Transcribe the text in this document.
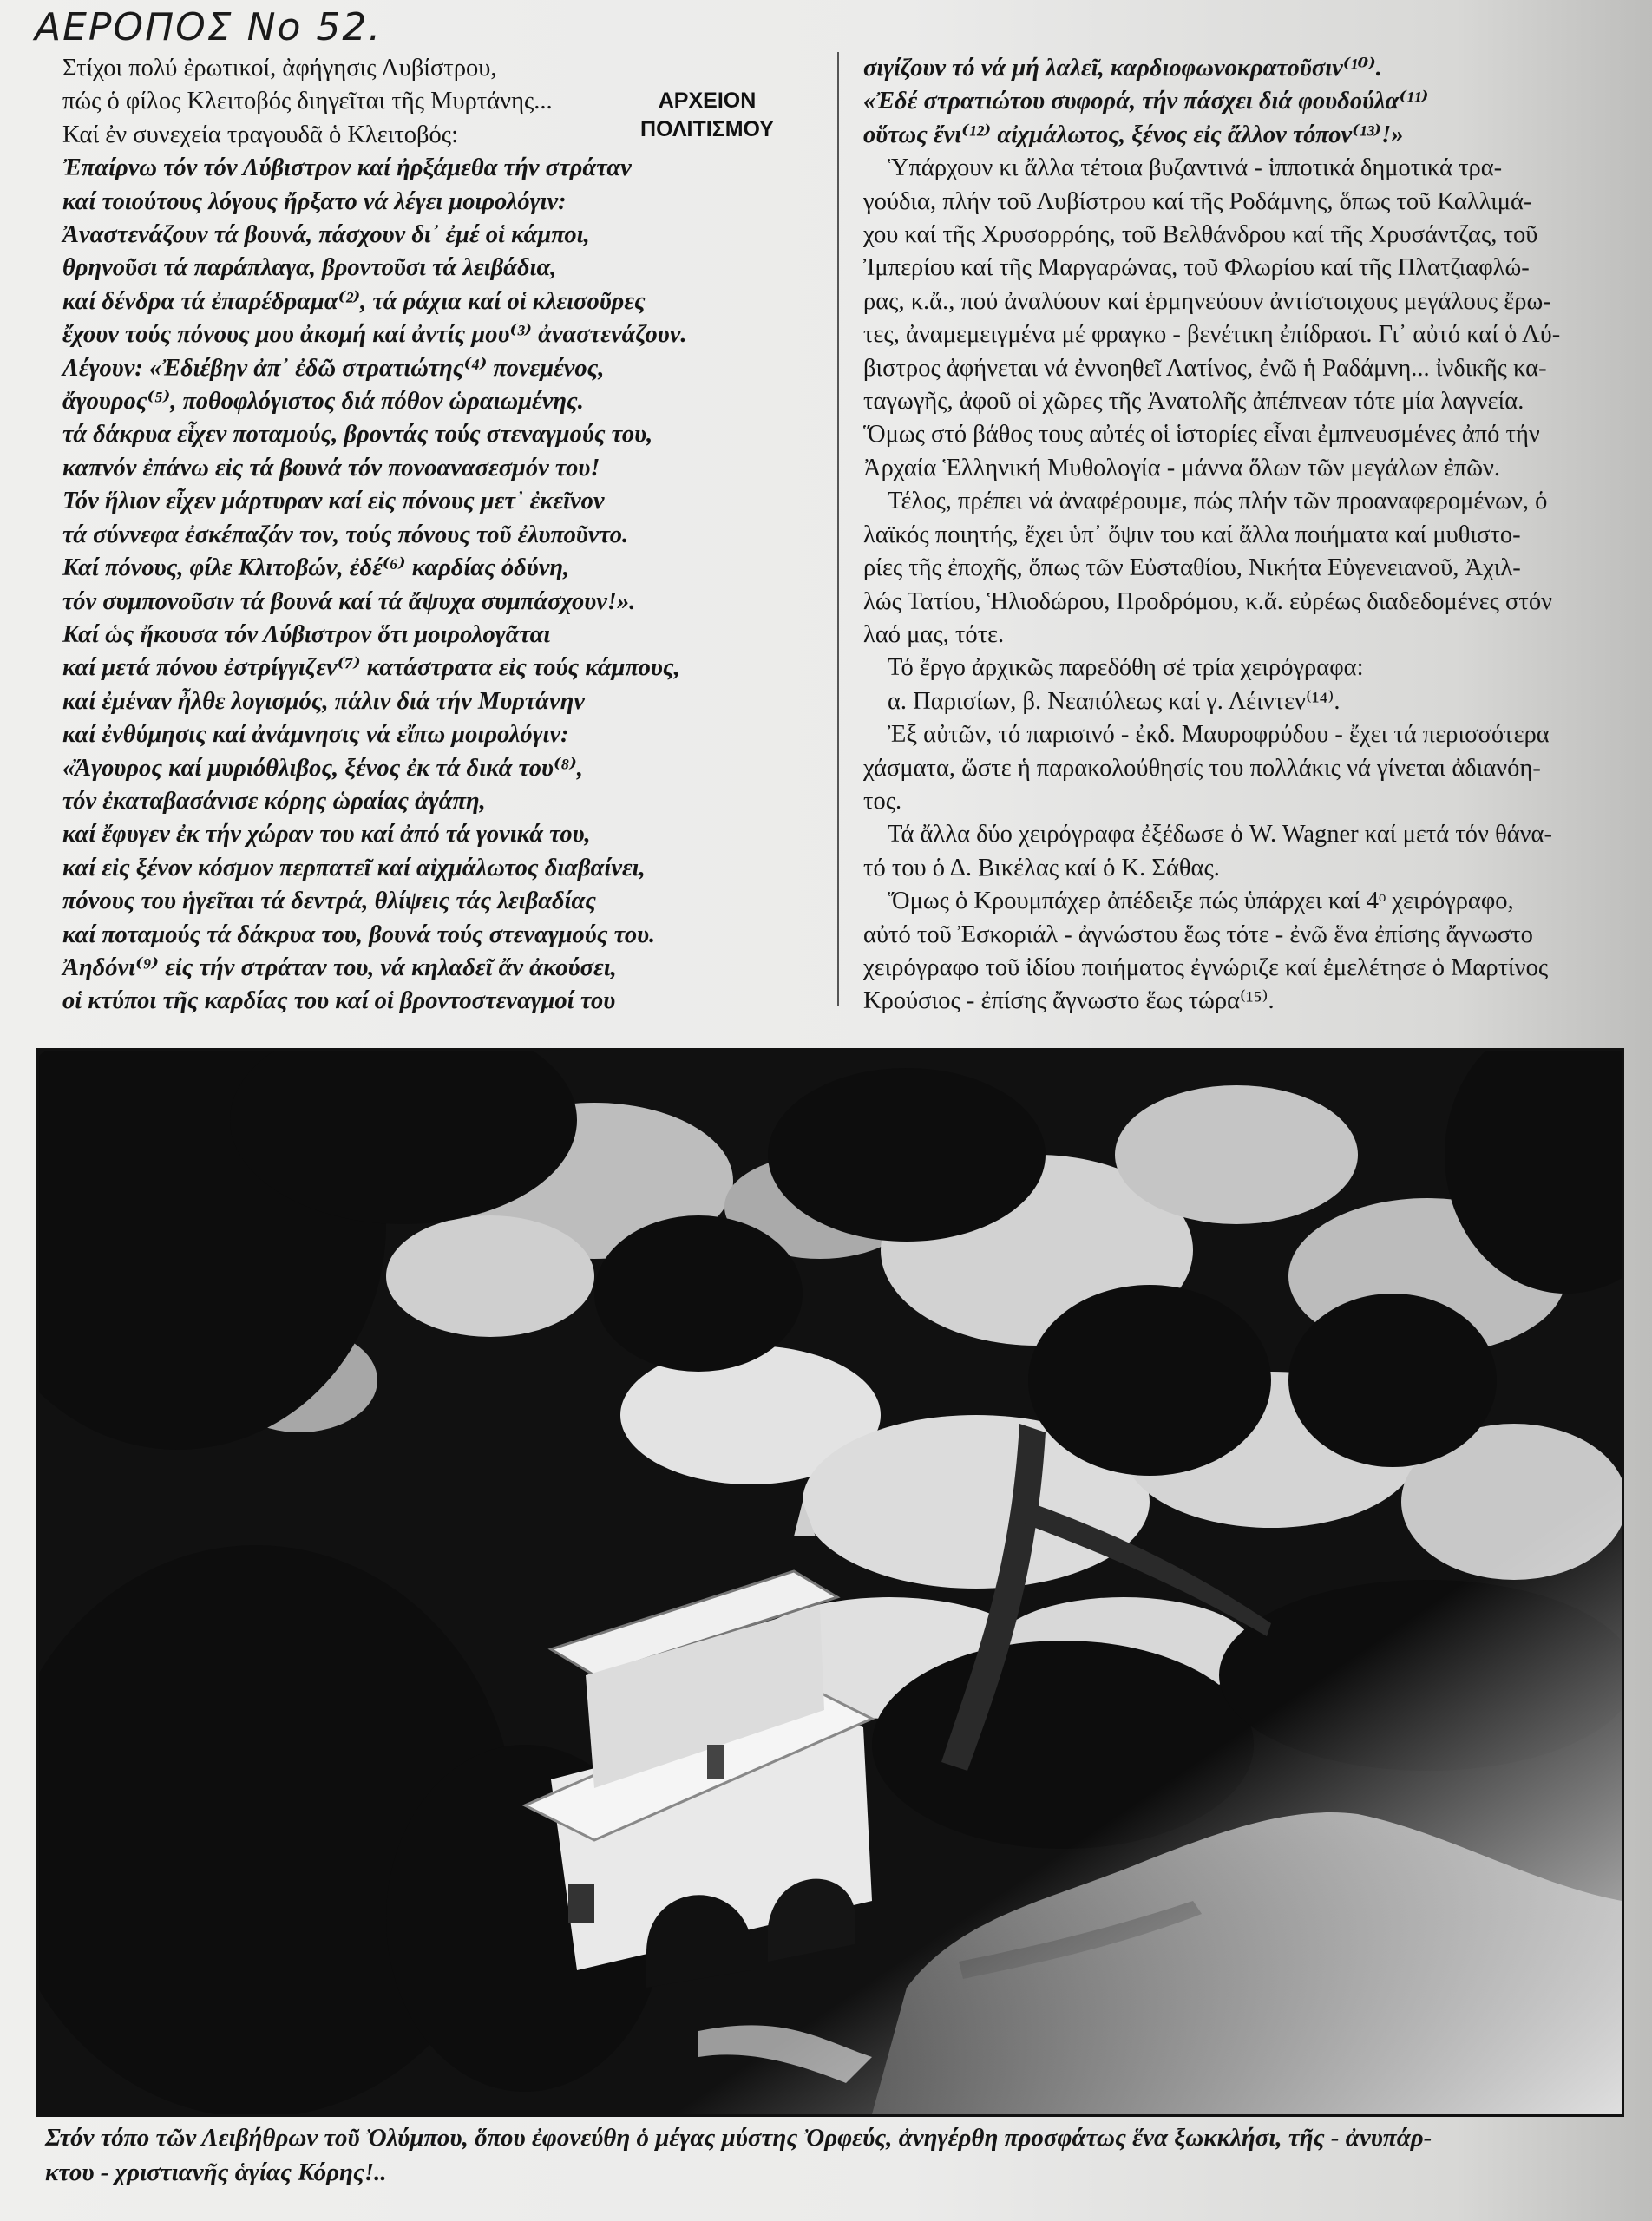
ΑΕΡΟΠΟΣ Νο 52.
ΑΡΧΕΙΟΝ
ΠΟΛΙΤΙΣΜΟΥ
Στίχοι πολύ ἐρωτικοί, ἀφήγησις Λυβίστρου,
πώς ὁ φίλος Κλειτοβός διηγεῖται τῆς Μυρτάνης...
Καί ἐν συνεχεία τραγουδᾶ ὁ Κλειτοβός:
Ἐπαίρνω τόν τόν Λύβιστρον καί ἠρξάμεθα τήν στράταν
καί τοιούτους λόγους ἤρξατο νά λέγει μοιρολόγιν:
Ἀναστενάζουν τά βουνά, πάσχουν δι᾽ ἐμέ οἱ κάμποι,
θρηνοῦσι τά παράπλαγα, βροντοῦσι τά λειβάδια,
καί δένδρα τά ἐπαρέδραμα⁽²⁾, τά ράχια καί οἱ κλεισοῦρες
ἔχουν τούς πόνους μου ἀκομή καί ἀντίς μου⁽³⁾ ἀναστενάζουν.
Λέγουν: «Ἐδιέβην ἀπ᾽ ἐδῶ στρατιώτης⁽⁴⁾ πονεμένος,
ἄγουρος⁽⁵⁾, ποθοφλόγιστος διά πόθον ὡραιωμένης.
τά δάκρυα εἶχεν ποταμούς, βροντάς τούς στεναγμούς του,
καπνόν ἐπάνω εἰς τά βουνά τόν πονοανασεσμόν του!
Τόν ἥλιον εἶχεν μάρτυραν καί εἰς πόνους μετ᾽ ἐκεῖνον
τά σύννεφα ἐσκέπαζάν τον, τούς πόνους τοῦ ἐλυποῦντο.
Καί πόνους, φίλε Κλιτοβών, ἐδέ⁽⁶⁾ καρδίας ὀδύνη,
τόν συμπονοῦσιν τά βουνά καί τά ἄψυχα συμπάσχουν!».
Καί ὡς ἤκουσα τόν Λύβιστρον ὅτι μοιρολογᾶται
καί μετά πόνου ἐστρίγγιζεν⁽⁷⁾ κατάστρατα εἰς τούς κάμπους,
καί ἐμέναν ἦλθε λογισμός, πάλιν διά τήν Μυρτάνην
καί ἐνθύμησις καί ἀνάμνησις νά εἴπω μοιρολόγιν:
«Ἄγουρος καί μυριόθλιβος, ξένος ἐκ τά δικά του⁽⁸⁾,
τόν ἐκαταβασάνισε κόρης ὡραίας ἀγάπη,
καί ἔφυγεν ἐκ τήν χώραν του καί ἀπό τά γονικά του,
καί εἰς ξένον κόσμον περπατεῖ καί αἰχμάλωτος διαβαίνει,
πόνους του ἡγεῖται τά δεντρά, θλίψεις τάς λειβαδίας
καί ποταμούς τά δάκρυα του, βουνά τούς στεναγμούς του.
Ἀηδόνι⁽⁹⁾ εἰς τήν στράταν του, νά κηλαδεῖ ἄν ἀκούσει,
οἱ κτύποι τῆς καρδίας του καί οἱ βροντοστεναγμοί του
σιγίζουν τό νά μή λαλεῖ, καρδιοφωνοκρατοῦσιν⁽¹⁰⁾.
«Ἐδέ στρατιώτου συφορά, τήν πάσχει διά φουδούλα⁽¹¹⁾
οὕτως ἔνι⁽¹²⁾ αἰχμάλωτος, ξένος εἰς ἄλλον τόπον⁽¹³⁾!»
Ὑπάρχουν κι ἄλλα τέτοια βυζαντινά - ἱπποτικά δημοτικά τρα-
γούδια, πλήν τοῦ Λυβίστρου καί τῆς Ροδάμνης, ὅπως τοῦ Καλλιμά-
χου καί τῆς Χρυσορρόης, τοῦ Βελθάνδρου καί τῆς Χρυσάντζας, τοῦ
Ἰμπερίου καί τῆς Μαργαρώνας, τοῦ Φλωρίου καί τῆς Πλατζιαφλώ-
ρας, κ.ἄ., πού ἀναλύουν καί ἑρμηνεύουν ἀντίστοιχους μεγάλους ἔρω-
τες, ἀναμεμειγμένα μέ φραγκο - βενέτικη ἐπίδρασι. Γι᾽ αὐτό καί ὁ Λύ-
βιστρος ἀφήνεται νά ἐννοηθεῖ Λατίνος, ἐνῶ ἡ Ραδάμνη... ἰνδικῆς κα-
ταγωγῆς, ἀφοῦ οἱ χῶρες τῆς Ἀνατολῆς ἀπέπνεαν τότε μία λαγνεία.
Ὅμως στό βάθος τους αὐτές οἱ ἱστορίες εἶναι ἐμπνευσμένες ἀπό τήν
Ἀρχαία Ἑλληνική Μυθολογία - μάννα ὅλων τῶν μεγάλων ἐπῶν.
Τέλος, πρέπει νά ἀναφέρουμε, πώς πλήν τῶν προαναφερομένων, ὁ
λαϊκός ποιητής, ἔχει ὑπ᾽ ὄψιν του καί ἄλλα ποιήματα καί μυθιστο-
ρίες τῆς ἐποχῆς, ὅπως τῶν Εὐσταθίου, Νικήτα Εὐγενειανοῦ, Ἀχιλ-
λώς Τατίου, Ἡλιοδώρου, Προδρόμου, κ.ἄ. εὐρέως διαδεδομένες στόν
λαό μας, τότε.
Τό ἔργο ἀρχικῶς παρεδόθη σέ τρία χειρόγραφα:
α. Παρισίων, β. Νεαπόλεως καί γ. Λέιντεν⁽¹⁴⁾.
Ἐξ αὐτῶν, τό παρισινό - ἐκδ. Μαυροφρύδου - ἔχει τά περισσότερα
χάσματα, ὥστε ἡ παρακολούθησίς του πολλάκις νά γίνεται ἀδιανόη-
τος.
Τά ἄλλα δύο χειρόγραφα ἐξέδωσε ὁ W. Wagner καί μετά τόν θάνα-
τό του ὁ Δ. Βικέλας καί ὁ Κ. Σάθας.
Ὅμως ὁ Κρουμπάχερ ἀπέδειξε πώς ὑπάρχει καί 4ᵒ χειρόγραφο,
αὐτό τοῦ Ἐσκοριάλ - ἀγνώστου ἕως τότε - ἐνῶ ἕνα ἐπίσης ἄγνωστο
χειρόγραφο τοῦ ἰδίου ποιήματος ἐγνώριζε καί ἐμελέτησε ὁ Μαρτίνος
Κρούσιος - ἐπίσης ἄγνωστο ἕως τώρα⁽¹⁵⁾.
Στόν τόπο τῶν Λειβήθρων τοῦ Ὀλύμπου, ὅπου ἐφονεύθη ὁ μέγας μύστης Ὀρφεύς, ἀνηγέρθη προσφάτως ἕνα ξωκκλήσι, τῆς - ἀνυπάρ-
κτου - χριστιανῆς ἁγίας Κόρης!..
